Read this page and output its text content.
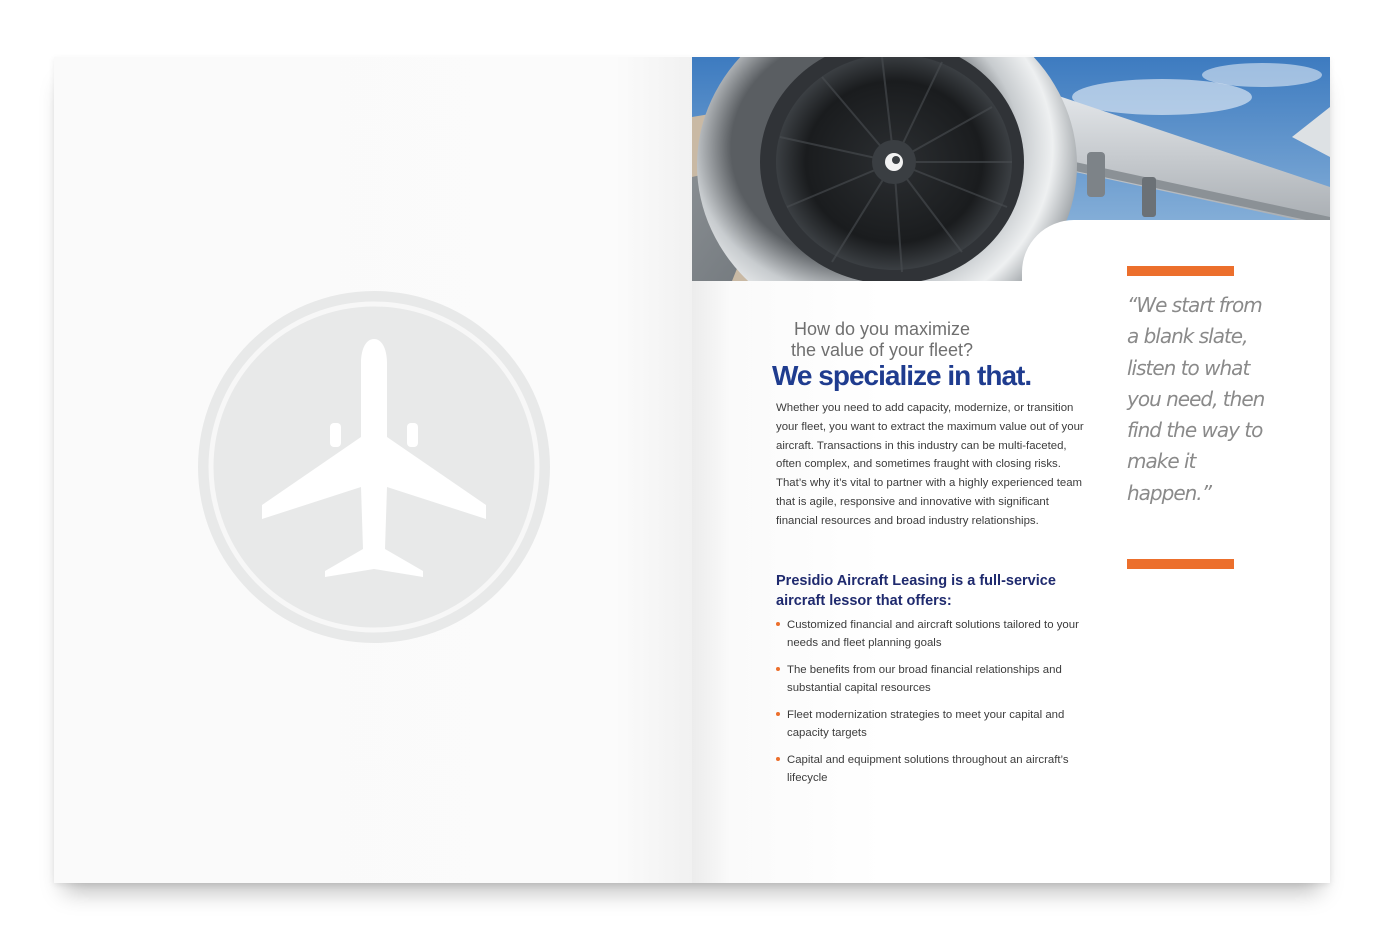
How do you maximize
the value of your fleet?
We specialize in that.

Whether you need to add capacity, modernize, or transition your fleet, you want to extract the maximum value out of your aircraft. Transactions in this industry can be multi-faceted, often complex, and sometimes fraught with closing risks. That’s why it’s vital to partner with a highly experienced team that is agile, responsive and innovative with significant financial resources and broad industry relationships.

Presidio Aircraft Leasing is a full-service aircraft lessor that offers:
Customized financial and aircraft solutions tailored to your needs and fleet planning goals
The benefits from our broad financial relationships and substantial capital resources
Fleet modernization strategies to meet your capital and capacity targets
Capital and equipment solutions throughout an aircraft’s lifecycle
“We start from a blank slate, listen to what you need, then find the way to make it happen.”
